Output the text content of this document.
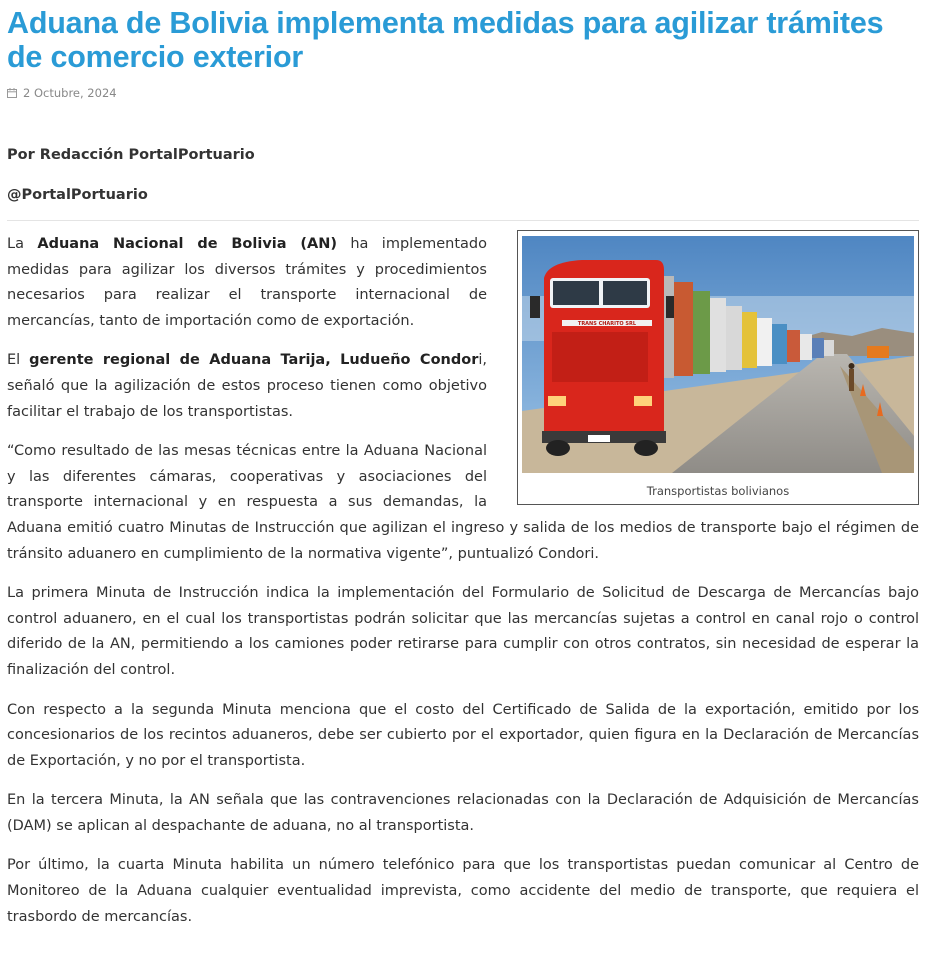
Aduana de Bolivia implementa medidas para agilizar trámites de comercio exterior
2 Octubre, 2024
Por Redacción PortalPortuario
@PortalPortuario
TRANS CHARITO SRL
Transportistas bolivianos

La Aduana Nacional de Bolivia (AN) ha implementado medidas para agilizar los diversos trámites y procedimientos necesarios para realizar el transporte internacional de mercancías, tanto de importación como de exportación.

El gerente regional de Aduana Tarija, Ludueño Condori, señaló que la agilización de estos proceso tienen como objetivo facilitar el trabajo de los transportistas.

“Como resultado de las mesas técnicas entre la Aduana Nacional y las diferentes cámaras, cooperativas y asociaciones del transporte internacional y en respuesta a sus demandas, la Aduana emitió cuatro Minutas de Instrucción que agilizan el ingreso y salida de los medios de transporte bajo el régimen de tránsito aduanero en cumplimiento de la normativa vigente”, puntualizó Condori.

La primera Minuta de Instrucción indica la implementación del Formulario de Solicitud de Descarga de Mercancías bajo control aduanero, en el cual los transportistas podrán solicitar que las mercancías sujetas a control en canal rojo o control diferido de la AN, permitiendo a los camiones poder retirarse para cumplir con otros contratos, sin necesidad de esperar la finalización del control.

Con respecto a la segunda Minuta menciona que el costo del Certificado de Salida de la exportación, emitido por los concesionarios de los recintos aduaneros, debe ser cubierto por el exportador, quien figura en la Declaración de Mercancías de Exportación, y no por el transportista.

En la tercera Minuta, la AN señala que las contravenciones relacionadas con la Declaración de Adquisición de Mercancías (DAM) se aplican al despachante de aduana, no al transportista.

Por último, la cuarta Minuta habilita un número telefónico para que los transportistas puedan comunicar al Centro de Monitoreo de la Aduana cualquier eventualidad imprevista, como accidente del medio de transporte, que requiera el trasbordo de mercancías.
